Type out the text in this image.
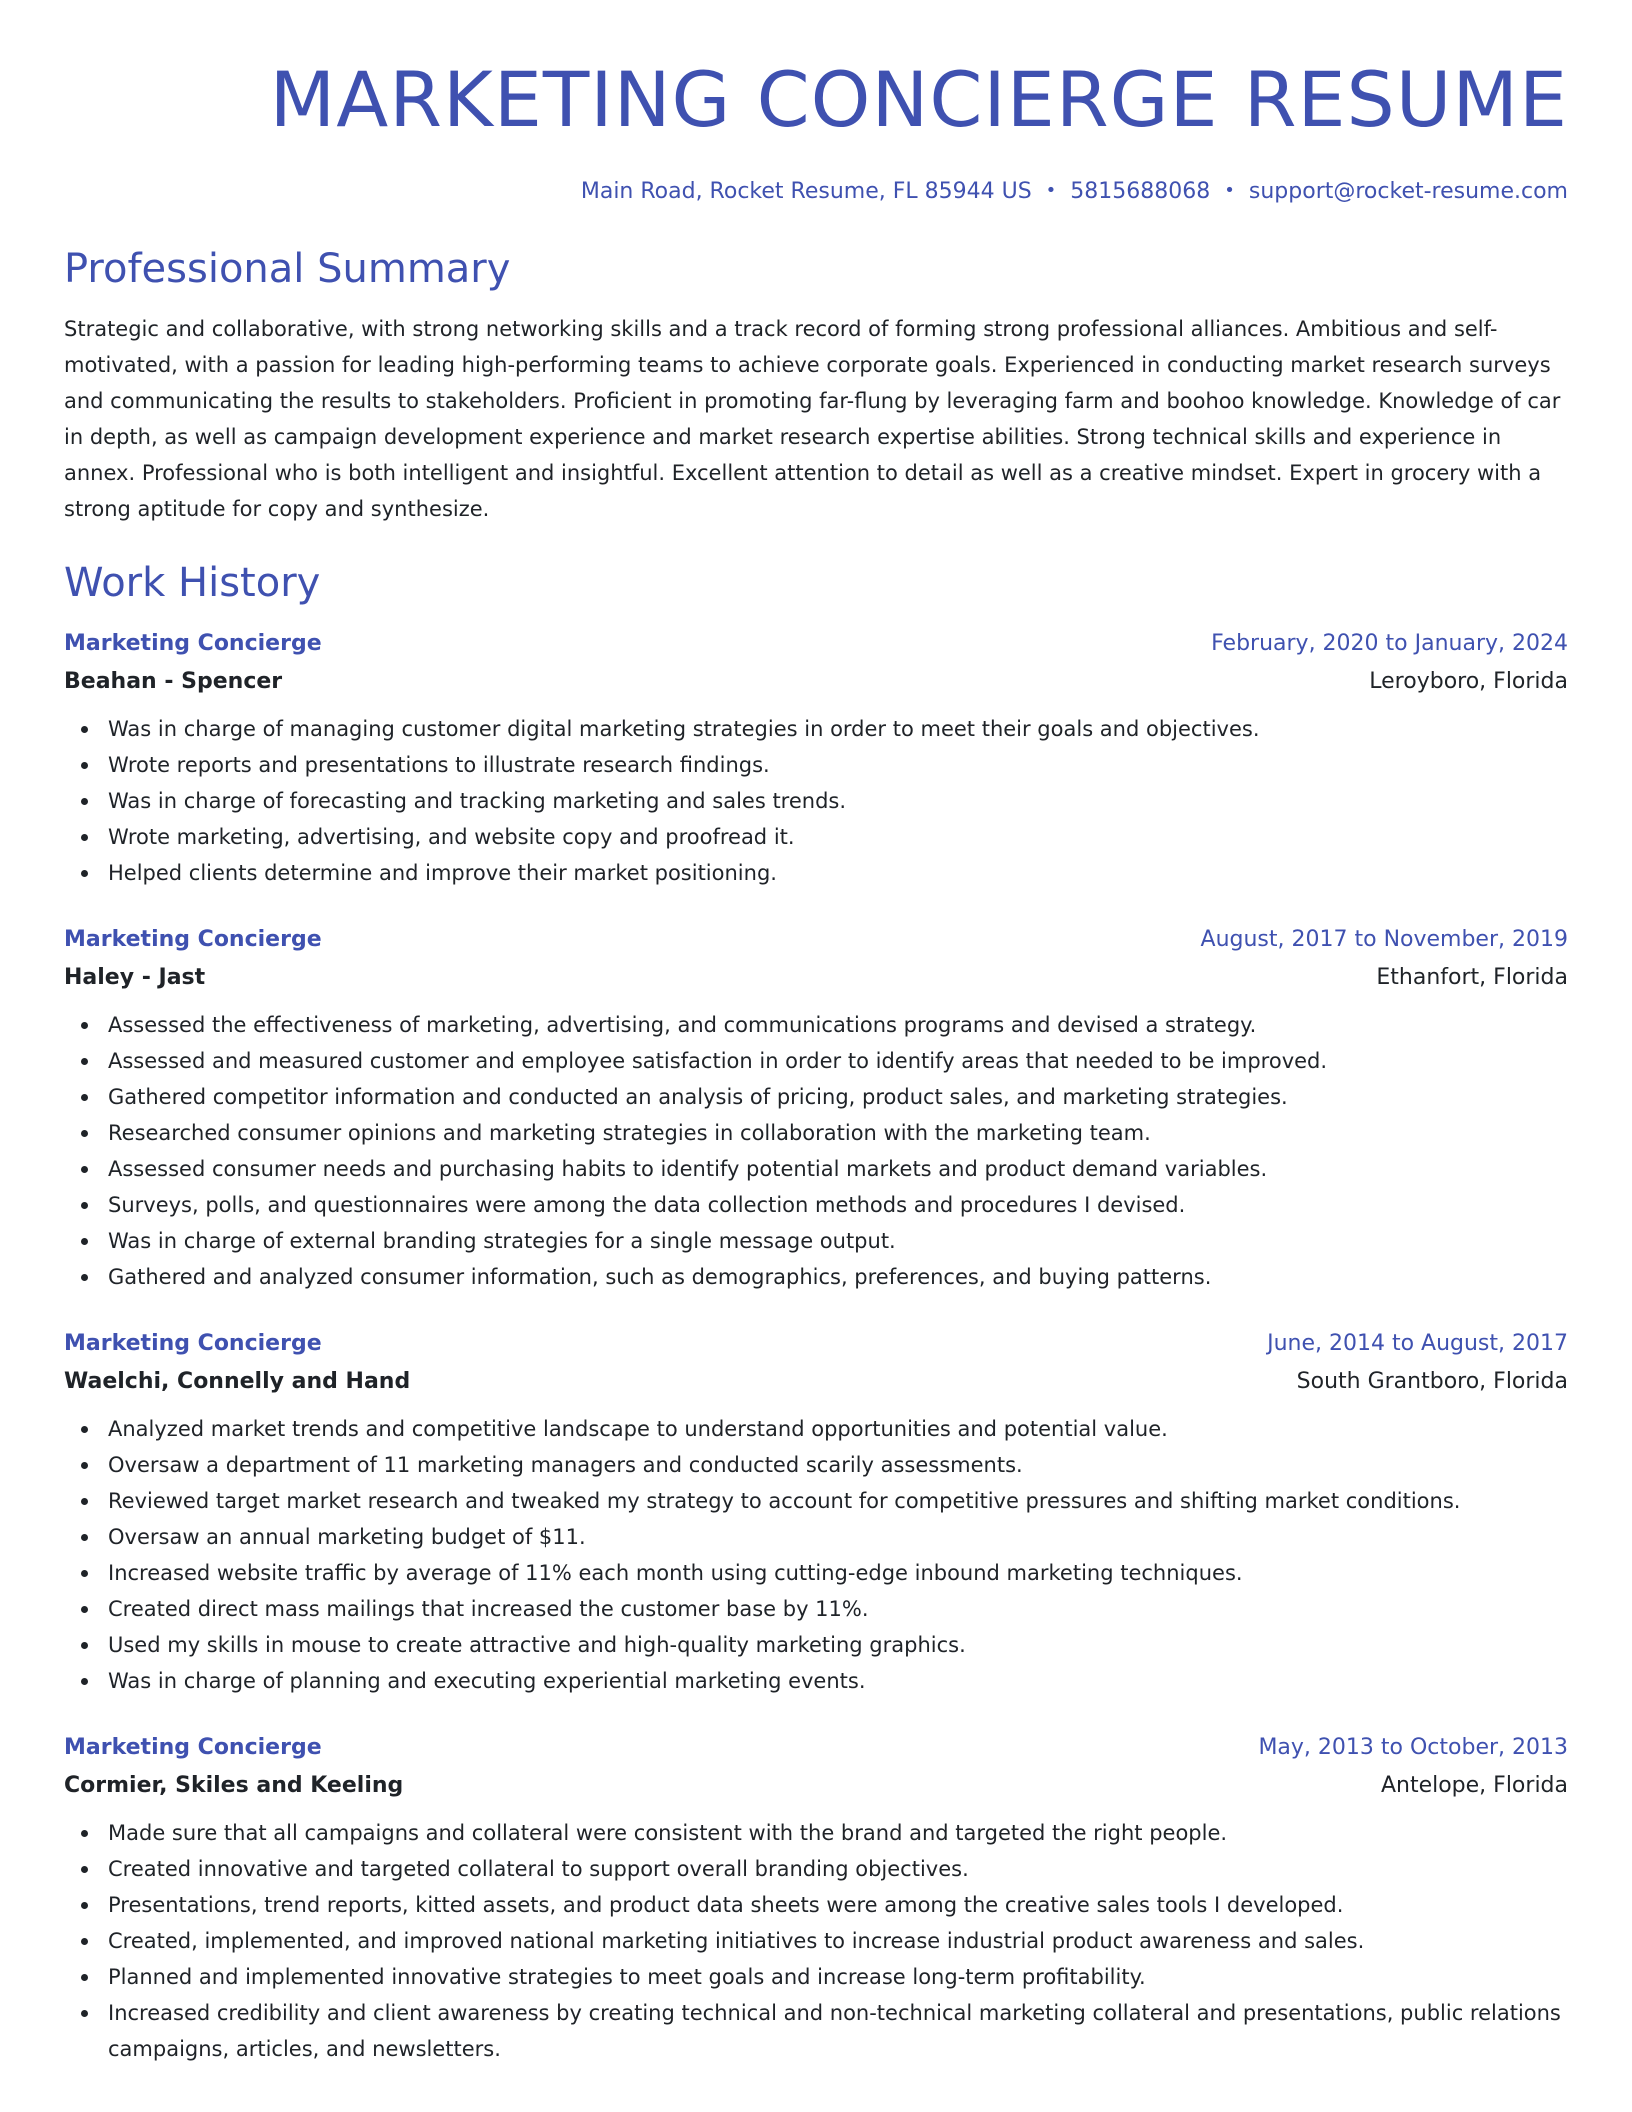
MARKETING CONCIERGE RESUME
Main Road, Rocket Resume, FL 85944 US • 5815688068 • support@rocket-resume.com
Professional Summary

Strategic and collaborative, with strong networking skills and a track record of forming strong professional alliances. Ambitious and self-motivated, with a passion for leading high-performing teams to achieve corporate goals. Experienced in conducting market research surveys and communicating the results to stakeholders. Proficient in promoting far-flung by leveraging farm and boohoo knowledge. Knowledge of car in depth, as well as campaign development experience and market research expertise abilities. Strong technical skills and experience in annex. Professional who is both intelligent and insightful. Excellent attention to detail as well as a creative mindset. Expert in grocery with a strong aptitude for copy and synthesize.

Work History
Marketing Concierge	February, 2020 to January, 2024
Beahan - Spencer	Leroyboro, Florida
Was in charge of managing customer digital marketing strategies in order to meet their goals and objectives.
Wrote reports and presentations to illustrate research findings.
Was in charge of forecasting and tracking marketing and sales trends.
Wrote marketing, advertising, and website copy and proofread it.
Helped clients determine and improve their market positioning.
Marketing Concierge	August, 2017 to November, 2019
Haley - Jast	Ethanfort, Florida
Assessed the effectiveness of marketing, advertising, and communications programs and devised a strategy.
Assessed and measured customer and employee satisfaction in order to identify areas that needed to be improved.
Gathered competitor information and conducted an analysis of pricing, product sales, and marketing strategies.
Researched consumer opinions and marketing strategies in collaboration with the marketing team.
Assessed consumer needs and purchasing habits to identify potential markets and product demand variables.
Surveys, polls, and questionnaires were among the data collection methods and procedures I devised.
Was in charge of external branding strategies for a single message output.
Gathered and analyzed consumer information, such as demographics, preferences, and buying patterns.
Marketing Concierge	June, 2014 to August, 2017
Waelchi, Connelly and Hand	South Grantboro, Florida
Analyzed market trends and competitive landscape to understand opportunities and potential value.
Oversaw a department of 11 marketing managers and conducted scarily assessments.
Reviewed target market research and tweaked my strategy to account for competitive pressures and shifting market conditions.
Oversaw an annual marketing budget of $11.
Increased website traffic by average of 11% each month using cutting-edge inbound marketing techniques.
Created direct mass mailings that increased the customer base by 11%.
Used my skills in mouse to create attractive and high-quality marketing graphics.
Was in charge of planning and executing experiential marketing events.
Marketing Concierge	May, 2013 to October, 2013
Cormier, Skiles and Keeling	Antelope, Florida
Made sure that all campaigns and collateral were consistent with the brand and targeted the right people.
Created innovative and targeted collateral to support overall branding objectives.
Presentations, trend reports, kitted assets, and product data sheets were among the creative sales tools I developed.
Created, implemented, and improved national marketing initiatives to increase industrial product awareness and sales.
Planned and implemented innovative strategies to meet goals and increase long-term profitability.
Increased credibility and client awareness by creating technical and non-technical marketing collateral and presentations, public relations campaigns, articles, and newsletters.
